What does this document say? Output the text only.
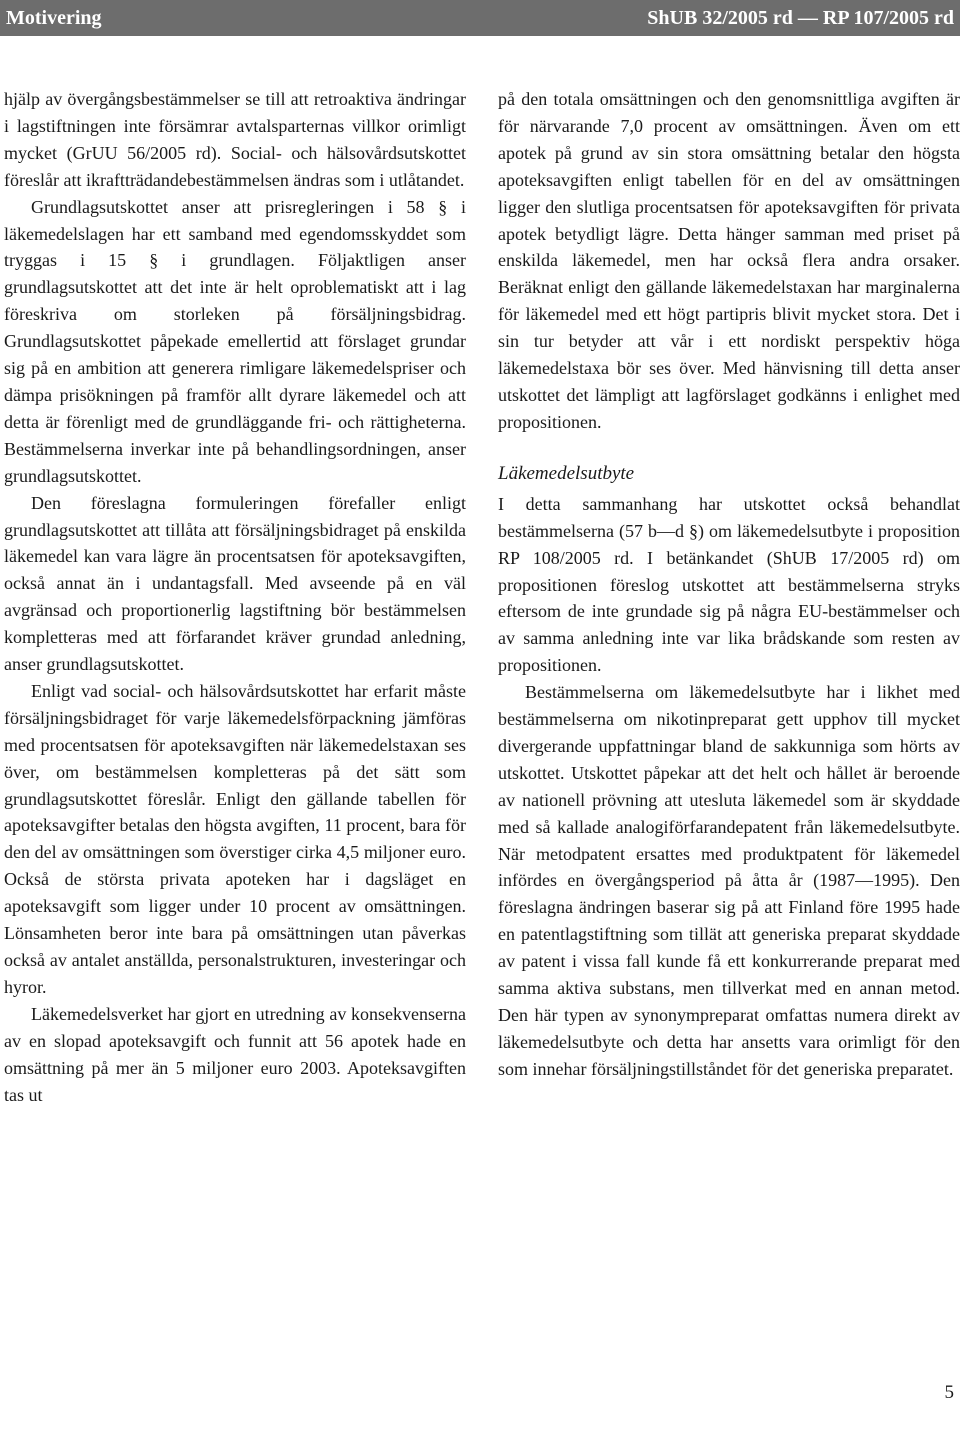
Motivering	ShUB 32/2005 rd — RP 107/2005 rd

hjälp av övergångsbestämmelser se till att retroaktiva ändringar i lagstiftningen inte försämrar avtalsparternas villkor orimligt mycket (GrUU 56/2005 rd). Social- och hälsovårdsutskottet föreslår att ikraftträdandebestämmelsen ändras som i utlåtandet.

Grundlagsutskottet anser att prisregleringen i 58 § i läkemedelslagen har ett samband med egendomsskyddet som tryggas i 15 § i grundlagen. Följaktligen anser grundlagsutskottet att det inte är helt oproblematiskt att i lag föreskriva om storleken på försäljningsbidrag. Grundlagsutskottet påpekade emellertid att förslaget grundar sig på en ambition att generera rimligare läkemedelspriser och dämpa prisökningen på framför allt dyrare läkemedel och att detta är förenligt med de grundläggande fri- och rättigheterna. Bestämmelserna inverkar inte på behandlingsordningen, anser grundlagsutskottet.

Den föreslagna formuleringen förefaller enligt grundlagsutskottet att tillåta att försäljningsbidraget på enskilda läkemedel kan vara lägre än procentsatsen för apoteksavgiften, också annat än i undantagsfall. Med avseende på en väl avgränsad och proportionerlig lagstiftning bör bestämmelsen kompletteras med att förfarandet kräver grundad anledning, anser grundlagsutskottet.

Enligt vad social- och hälsovårdsutskottet har erfarit måste försäljningsbidraget för varje läkemedelsförpackning jämföras med procentsatsen för apoteksavgiften när läkemedelstaxan ses över, om bestämmelsen kompletteras på det sätt som grundlagsutskottet föreslår. Enligt den gällande tabellen för apoteksavgifter betalas den högsta avgiften, 11 procent, bara för den del av omsättningen som överstiger cirka 4,5 miljoner euro. Också de största privata apoteken har i dagsläget en apoteksavgift som ligger under 10 procent av omsättningen. Lönsamheten beror inte bara på omsättningen utan påverkas också av antalet anställda, personalstrukturen, investeringar och hyror.

Läkemedelsverket har gjort en utredning av konsekvenserna av en slopad apoteksavgift och funnit att 56 apotek hade en omsättning på mer än 5 miljoner euro 2003. Apoteksavgiften tas ut

på den totala omsättningen och den genomsnittliga avgiften är för närvarande 7,0 procent av omsättningen. Även om ett apotek på grund av sin stora omsättning betalar den högsta apoteksavgiften enligt tabellen för en del av omsättningen ligger den slutliga procentsatsen för apoteksavgiften för privata apotek betydligt lägre. Detta hänger samman med priset på enskilda läkemedel, men har också flera andra orsaker. Beräknat enligt den gällande läkemedelstaxan har marginalerna för läkemedel med ett högt partipris blivit mycket stora. Det i sin tur betyder att vår i ett nordiskt perspektiv höga läkemedelstaxa bör ses över. Med hänvisning till detta anser utskottet det lämpligt att lagförslaget godkänns i enlighet med propositionen.

Läkemedelsutbyte

I detta sammanhang har utskottet också behandlat bestämmelserna (57 b—d §) om läkemedelsutbyte i proposition RP 108/2005 rd. I betänkandet (ShUB 17/2005 rd) om propositionen föreslog utskottet att bestämmelserna stryks eftersom de inte grundade sig på några EU-bestämmelser och av samma anledning inte var lika brådskande som resten av propositionen.

Bestämmelserna om läkemedelsutbyte har i likhet med bestämmelserna om nikotinpreparat gett upphov till mycket divergerande uppfattningar bland de sakkunniga som hörts av utskottet. Utskottet påpekar att det helt och hållet är beroende av nationell prövning att utesluta läkemedel som är skyddade med så kallade analogiförfarandepatent från läkemedelsutbyte. När metodpatent ersattes med produktpatent för läkemedel infördes en övergångsperiod på åtta år (1987—1995). Den föreslagna ändringen baserar sig på att Finland före 1995 hade en patentlagstiftning som tillät att generiska preparat skyddade av patent i vissa fall kunde få ett konkurrerande preparat med samma aktiva substans, men tillverkat med en annan metod. Den här typen av synonympreparat omfattas numera direkt av läkemedelsutbyte och detta har ansetts vara orimligt för den som innehar försäljningstillståndet för det generiska preparatet.

5
